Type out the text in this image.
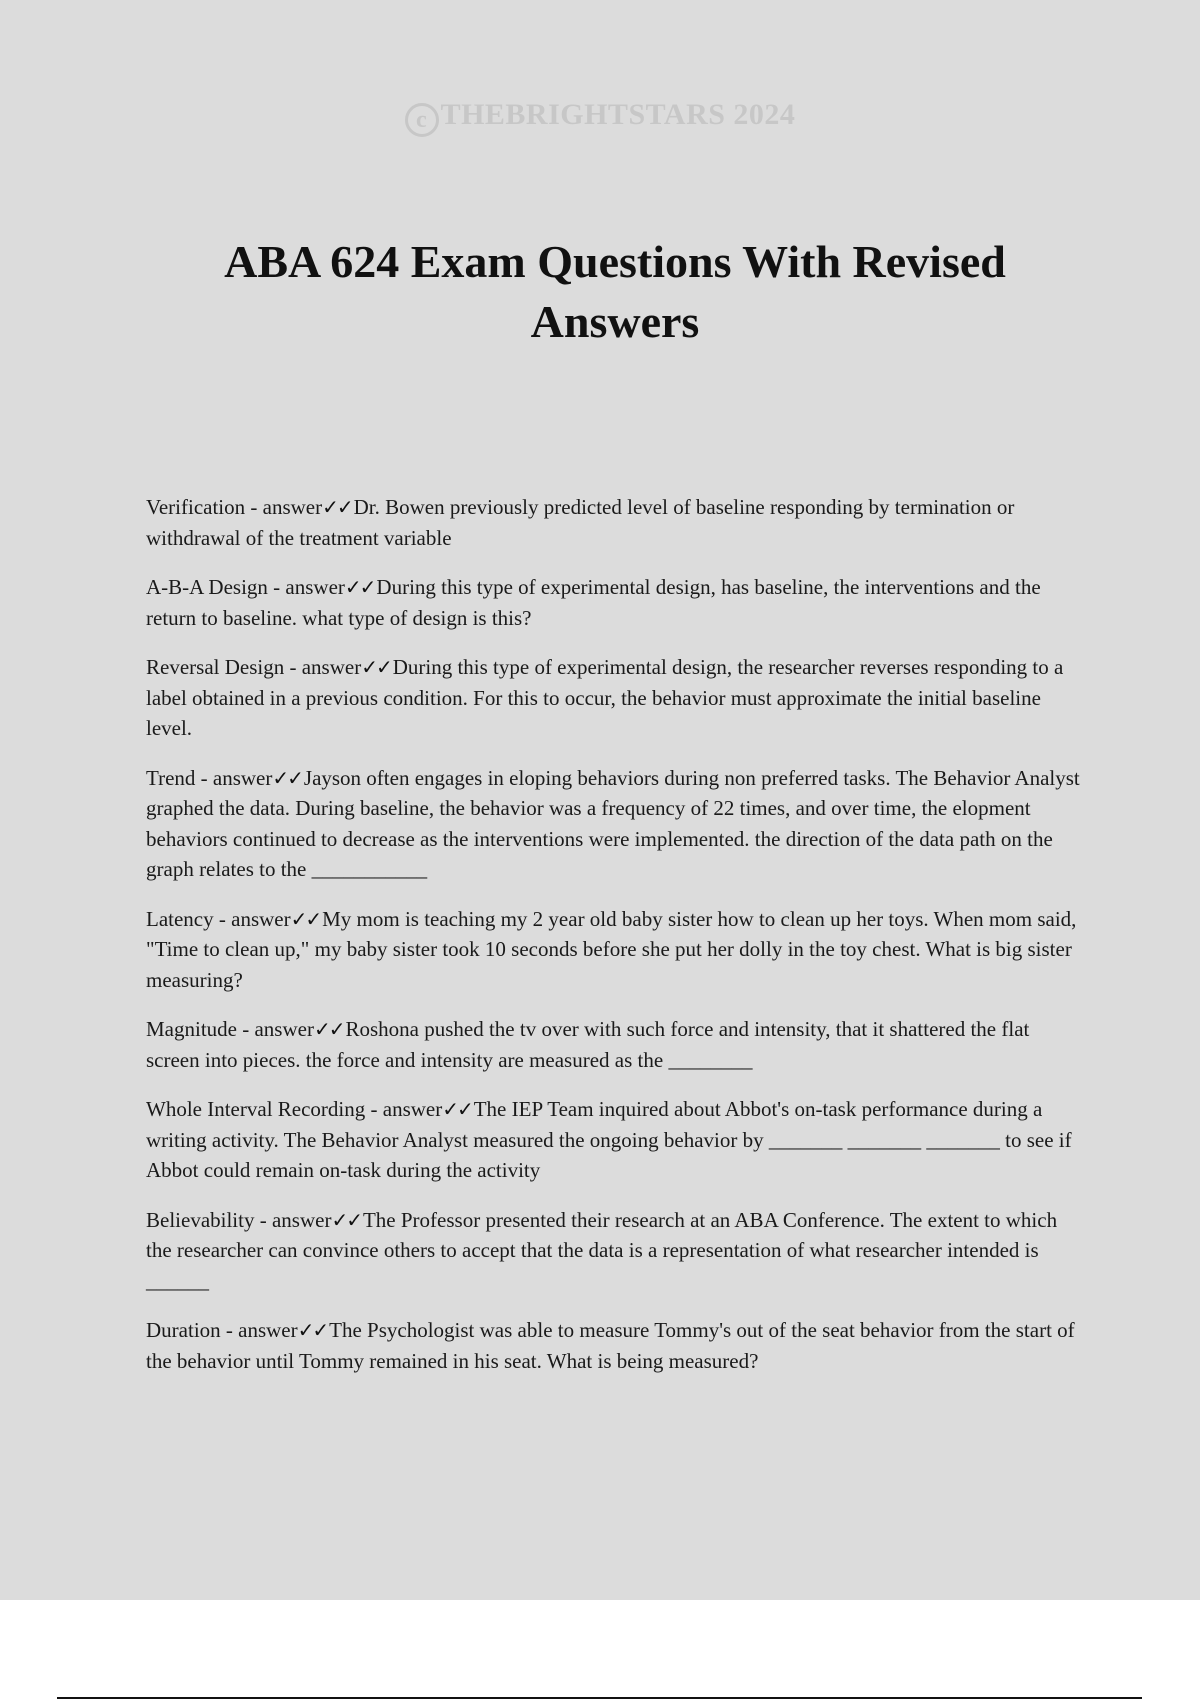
c THEBRIGHTSTARS 2024
ABA 624 Exam Questions With Revised
Answers
Verification - answer✓✓Dr. Bowen previously predicted level of baseline responding by termination or withdrawal of the treatment variable
A-B-A Design - answer✓✓During this type of experimental design, has baseline, the interventions and the return to baseline. what type of design is this?
Reversal Design - answer✓✓During this type of experimental design, the researcher reverses responding to a label obtained in a previous condition. For this to occur, the behavior must approximate the initial baseline level.
Trend - answer✓✓Jayson often engages in eloping behaviors during non preferred tasks. The Behavior Analyst graphed the data. During baseline, the behavior was a frequency of 22 times, and over time, the elopment behaviors continued to decrease as the interventions were implemented. the direction of the data path on the graph relates to the ___________
Latency - answer✓✓My mom is teaching my 2 year old baby sister how to clean up her toys. When mom said, "Time to clean up," my baby sister took 10 seconds before she put her dolly in the toy chest. What is big sister measuring?
Magnitude - answer✓✓Roshona pushed the tv over with such force and intensity, that it shattered the flat screen into pieces. the force and intensity are measured as the ________
Whole Interval Recording - answer✓✓The IEP Team inquired about Abbot's on-task performance during a writing activity. The Behavior Analyst measured the ongoing behavior by _______ _______ _______ to see if Abbot could remain on-task during the activity
Believability - answer✓✓The Professor presented their research at an ABA Conference. The extent to which the researcher can convince others to accept that the data is a representation of what researcher intended is ______
Duration - answer✓✓The Psychologist was able to measure Tommy's out of the seat behavior from the start of the behavior until Tommy remained in his seat. What is being measured?
